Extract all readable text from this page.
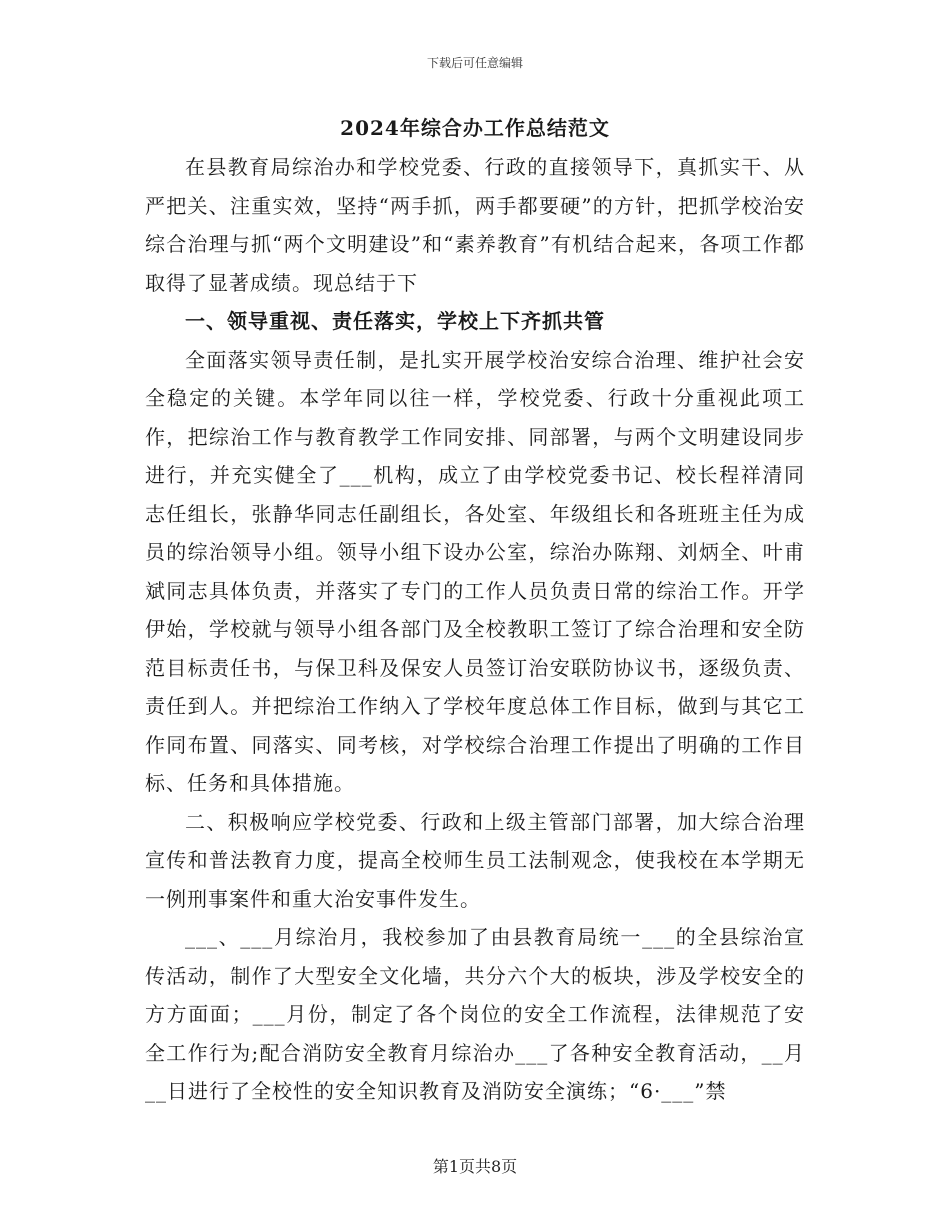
下载后可任意编辑
2024年综合办工作总结范文

在县教育局综治办和学校党委、行政的直接领导下，真抓实干、从严把关、注重实效，坚持“两手抓，两手都要硬”的方针，把抓学校治安综合治理与抓“两个文明建设”和“素养教育”有机结合起来，各项工作都取得了显著成绩。现总结于下

一、领导重视、责任落实，学校上下齐抓共管

全面落实领导责任制，是扎实开展学校治安综合治理、维护社会安全稳定的关键。本学年同以往一样，学校党委、行政十分重视此项工作，把综治工作与教育教学工作同安排、同部署，与两个文明建设同步进行，并充实健全了___机构，成立了由学校党委书记、校长程祥清同志任组长，张静华同志任副组长，各处室、年级组长和各班班主任为成员的综治领导小组。领导小组下设办公室，综治办陈翔、刘炳全、叶甫斌同志具体负责，并落实了专门的工作人员负责日常的综治工作。开学伊始，学校就与领导小组各部门及全校教职工签订了综合治理和安全防范目标责任书，与保卫科及保安人员签订治安联防协议书，逐级负责、责任到人。并把综治工作纳入了学校年度总体工作目标，做到与其它工作同布置、同落实、同考核，对学校综合治理工作提出了明确的工作目标、任务和具体措施。

二、积极响应学校党委、行政和上级主管部门部署，加大综合治理宣传和普法教育力度，提高全校师生员工法制观念，使我校在本学期无一例刑事案件和重大治安事件发生。

___、___月综治月，我校参加了由县教育局统一___的全县综治宣传活动，制作了大型安全文化墙，共分六个大的板块，涉及学校安全的方方面面；___月份，制定了各个岗位的安全工作流程，法律规范了安全工作行为;配合消防安全教育月综治办___了各种安全教育活动，__月__日进行了全校性的安全知识教育及消防安全演练；“6·___”禁

第1页共8页
